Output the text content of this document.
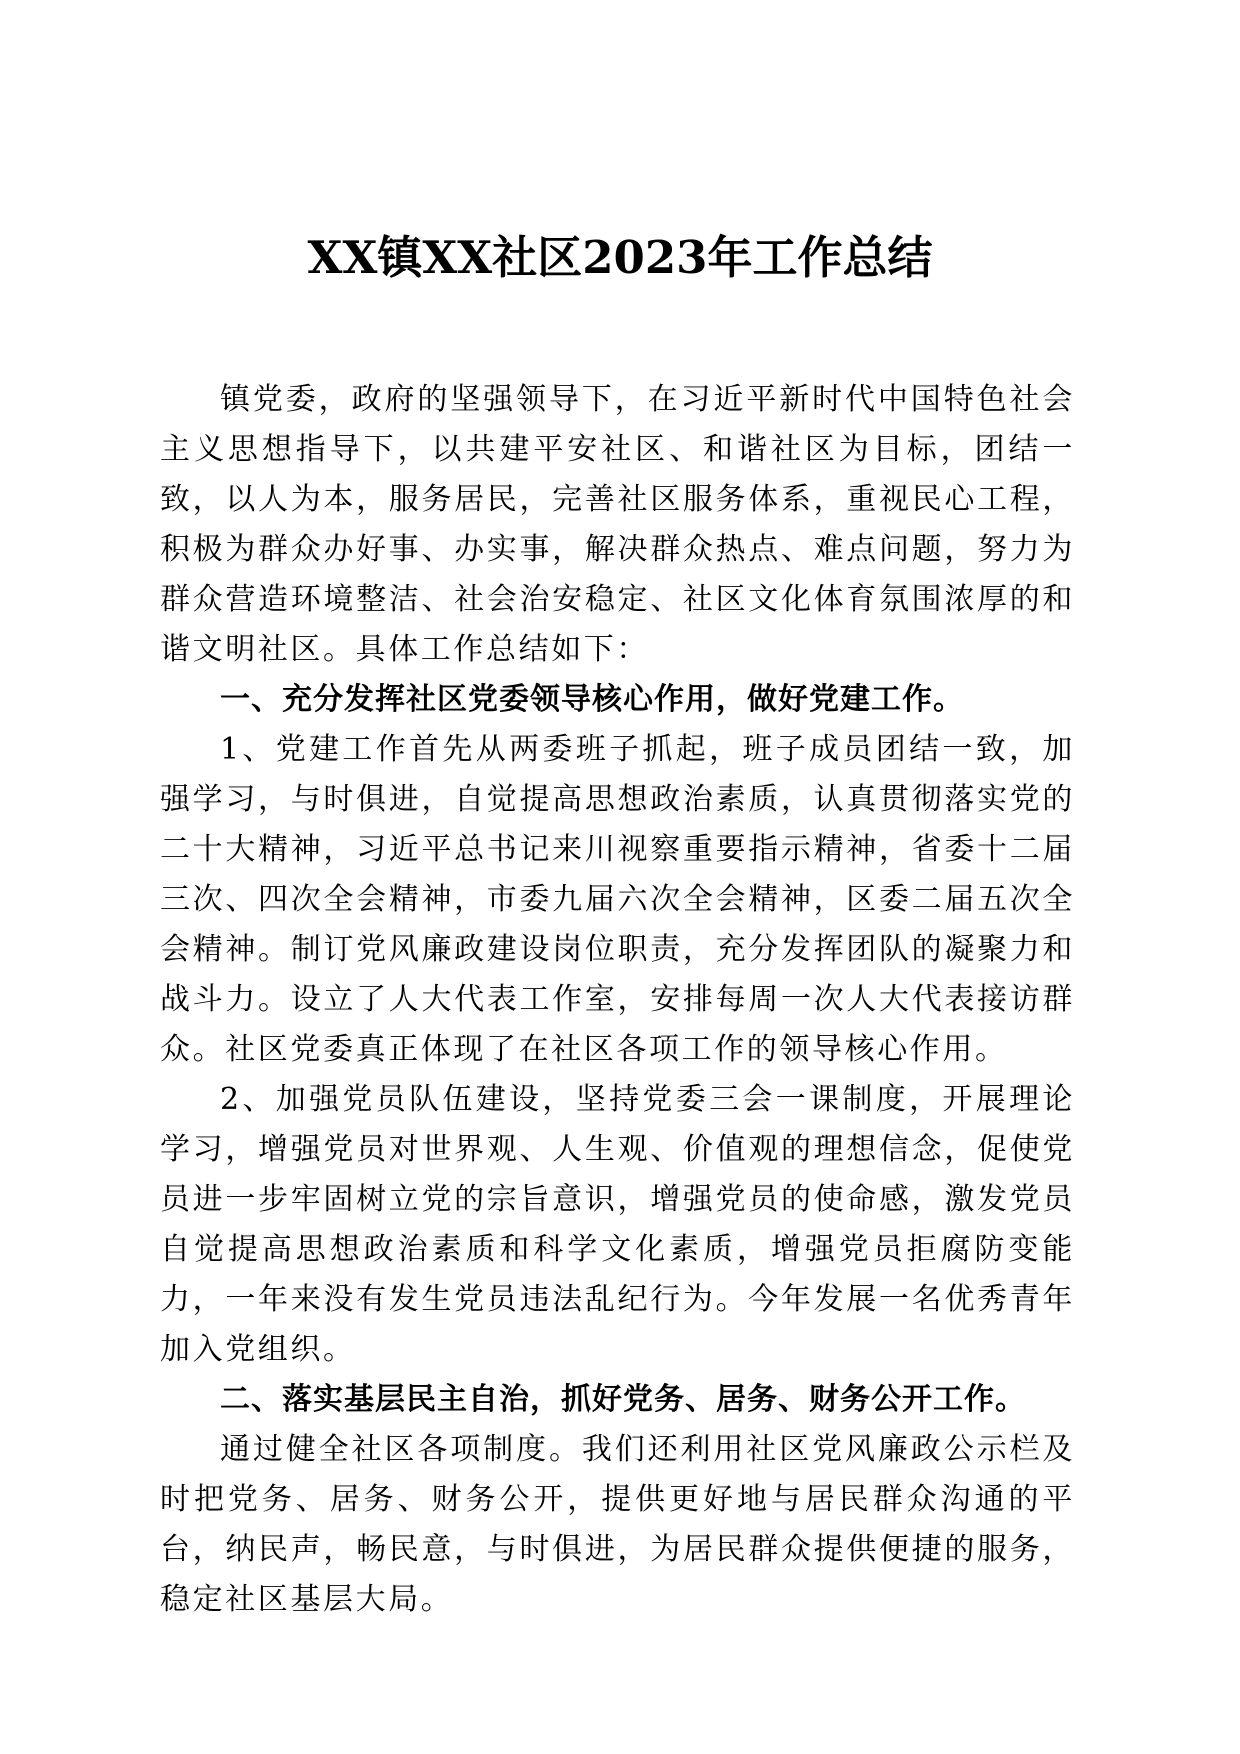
XX镇XX社区2023年工作总结

镇党委，政府的坚强领导下，在习近平新时代中国特色社会主义思想指导下，以共建平安社区、和谐社区为目标，团结一致，以人为本，服务居民，完善社区服务体系，重视民心工程，积极为群众办好事、办实事，解决群众热点、难点问题，努力为群众营造环境整洁、社会治安稳定、社区文化体育氛围浓厚的和谐文明社区。具体工作总结如下：

一、充分发挥社区党委领导核心作用，做好党建工作。

1、党建工作首先从两委班子抓起，班子成员团结一致，加强学习，与时俱进，自觉提高思想政治素质，认真贯彻落实党的二十大精神，习近平总书记来川视察重要指示精神，省委十二届三次、四次全会精神，市委九届六次全会精神，区委二届五次全会精神。制订党风廉政建设岗位职责，充分发挥团队的凝聚力和战斗力。设立了人大代表工作室，安排每周一次人大代表接访群众。社区党委真正体现了在社区各项工作的领导核心作用。

2、加强党员队伍建设，坚持党委三会一课制度，开展理论学习，增强党员对世界观、人生观、价值观的理想信念，促使党员进一步牢固树立党的宗旨意识，增强党员的使命感，激发党员自觉提高思想政治素质和科学文化素质，增强党员拒腐防变能力，一年来没有发生党员违法乱纪行为。今年发展一名优秀青年加入党组织。

二、落实基层民主自治，抓好党务、居务、财务公开工作。

通过健全社区各项制度。我们还利用社区党风廉政公示栏及时把党务、居务、财务公开，提供更好地与居民群众沟通的平台，纳民声，畅民意，与时俱进，为居民群众提供便捷的服务，稳定社区基层大局。
